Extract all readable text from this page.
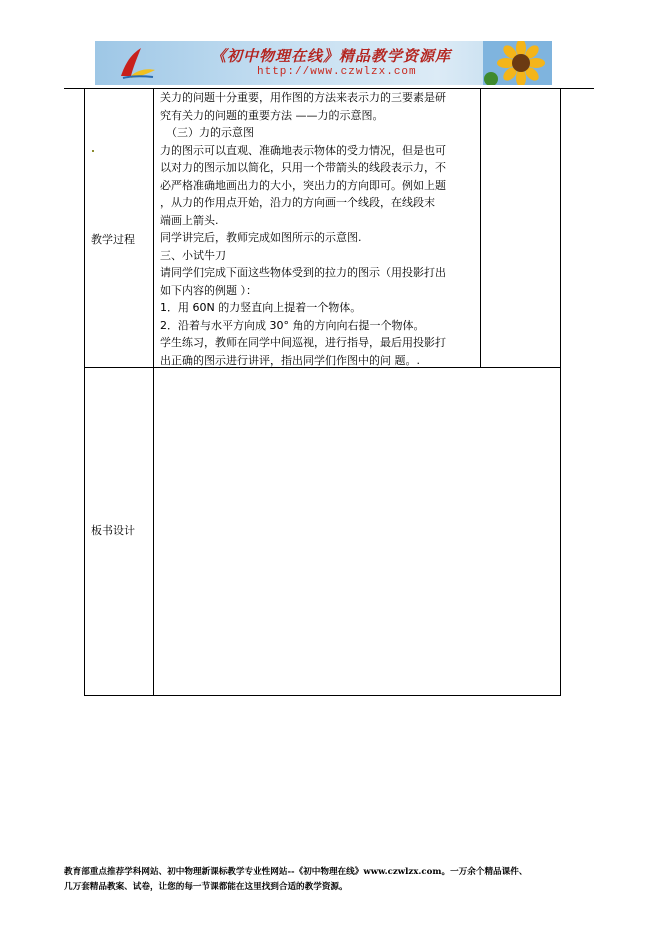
《初中物理在线》精品教学资源库
http://www.czwlzx.com
教学过程
板书设计
关力的问题十分重要，用作图的方法来表示力的三要素是研
究有关力的问题的重要方法 ——力的示意图。
（三）力的示意图
力的图示可以直观、准确地表示物体的受力情况，但是也可
以对力的图示加以简化，只用一个带箭头的线段表示力，不
必严格准确地画出力的大小，突出力的方向即可。例如上题
，从力的作用点开始，沿力的方向画一个线段，在线段末
端画上箭头.
同学讲完后，教师完成如图所示的示意图.
三、小试牛刀
请同学们完成下面这些物体受到的拉力的图示（用投影打出
如下内容的例题 ）：
1．用 60N 的力竖直向上提着一个物体。
2．沿着与水平方向成 30° 角的方向向右提一个物体。
学生练习，教师在同学中间巡视，进行指导，最后用投影打
出正确的图示进行讲评，指出同学们作图中的问 题。.
教育部重点推荐学科网站、初中物理新课标教学专业性网站--《初中物理在线》www.czwlzx.com。一万余个精品课件、
几万套精品教案、试卷，让您的每一节课都能在这里找到合适的教学资源。
